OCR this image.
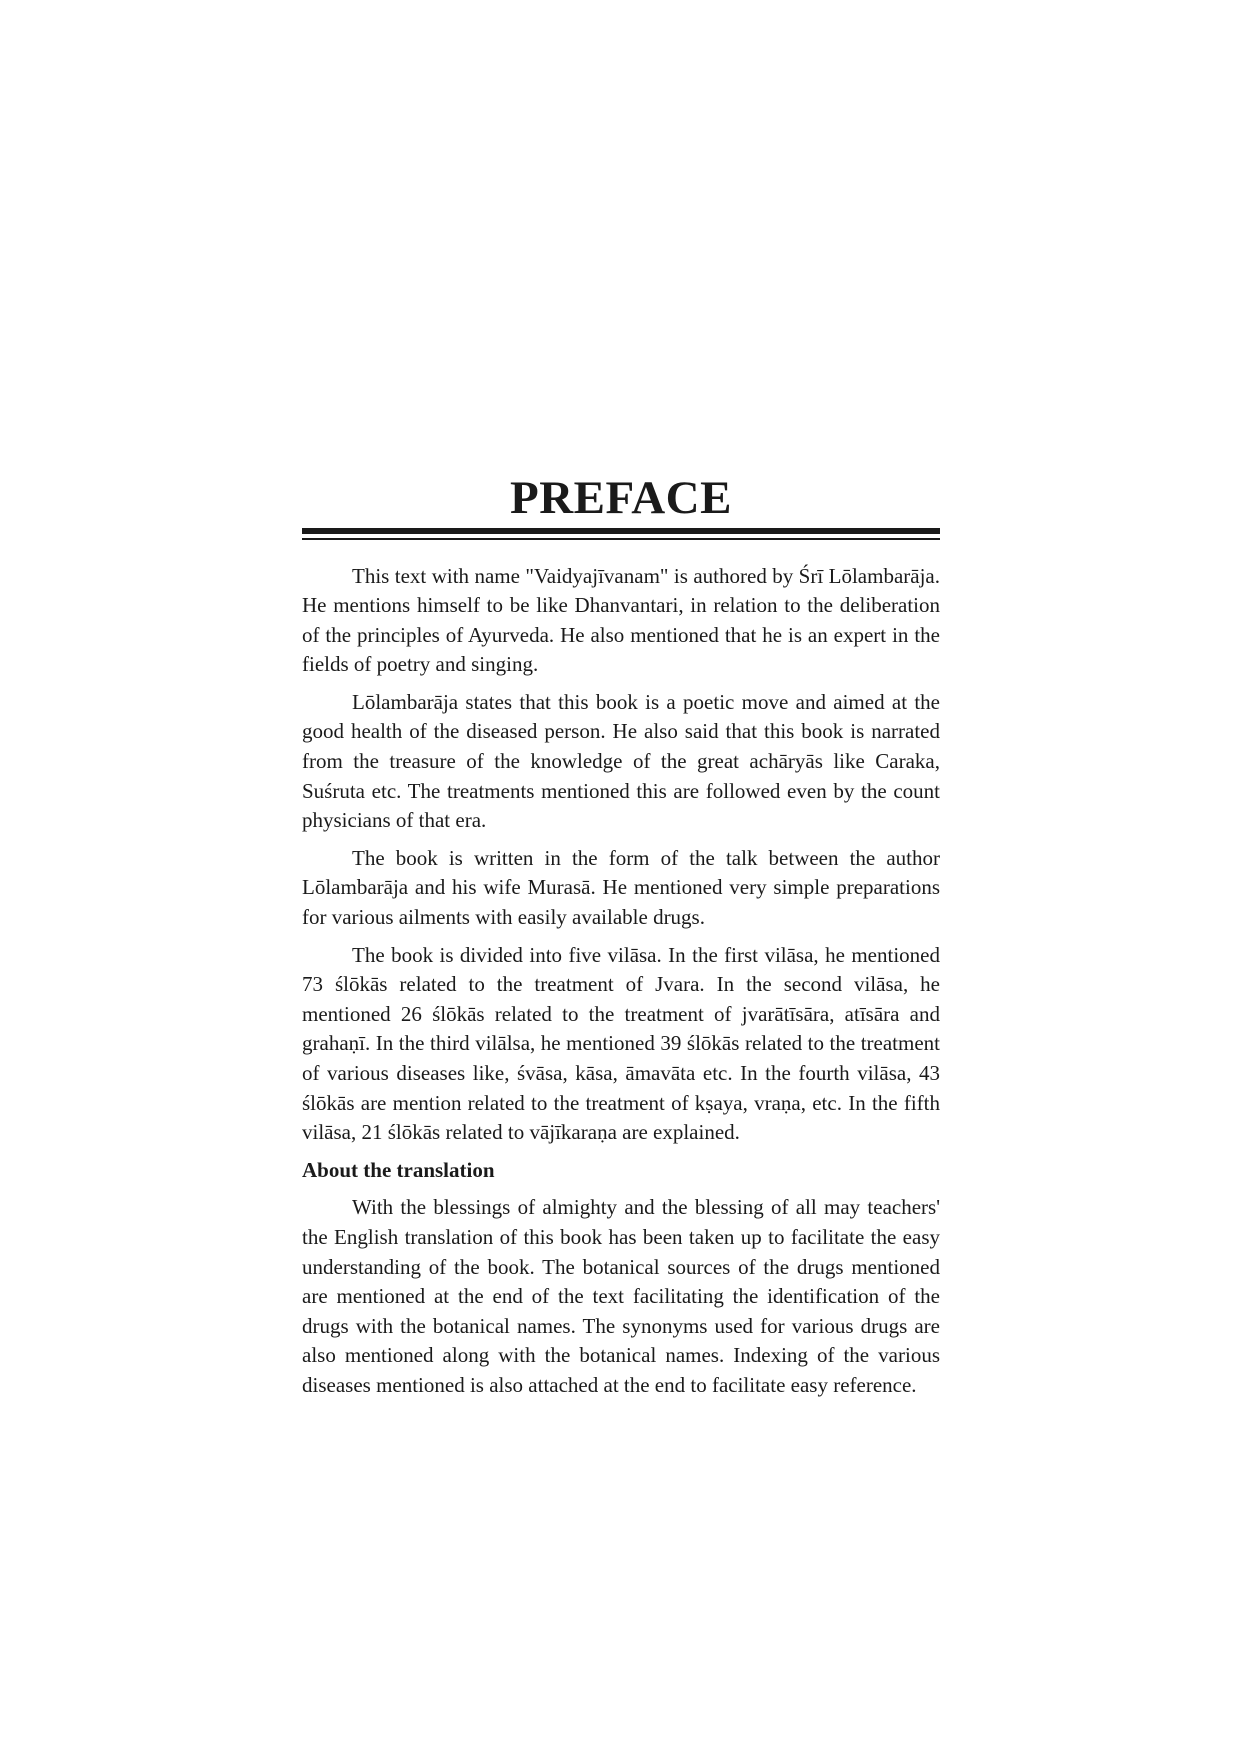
PREFACE

This text with name "Vaidyajīvanam" is authored by Śrī Lōlambarāja. He mentions himself to be like Dhanvantari, in relation to the deliberation of the principles of Ayurveda. He also mentioned that he is an expert in the fields of poetry and singing.

Lōlambarāja states that this book is a poetic move and aimed at the good health of the diseased person. He also said that this book is narrated from the treasure of the knowledge of the great achāryās like Caraka, Suśruta etc. The treatments mentioned this are followed even by the count physicians of that era.

The book is written in the form of the talk between the author Lōlambarāja and his wife Murasā. He mentioned very simple preparations for various ailments with easily available drugs.

The book is divided into five vilāsa. In the first vilāsa, he mentioned 73 ślōkās related to the treatment of Jvara. In the second vilāsa, he mentioned 26 ślōkās related to the treatment of jvarātīsāra, atīsāra and grahaṇī. In the third vilālsa, he mentioned 39 ślōkās related to the treatment of various diseases like, śvāsa, kāsa, āmavāta etc. In the fourth vilāsa, 43 ślōkās are mention related to the treatment of kṣaya, vraṇa, etc. In the fifth vilāsa, 21 ślōkās related to vājīkaraṇa are explained.

About the translation

With the blessings of almighty and the blessing of all may teachers' the English translation of this book has been taken up to facilitate the easy understanding of the book. The botanical sources of the drugs mentioned are mentioned at the end of the text facilitating the identification of the drugs with the botanical names. The synonyms used for various drugs are also mentioned along with the botanical names. Indexing of the various diseases mentioned is also attached at the end to facilitate easy reference.
